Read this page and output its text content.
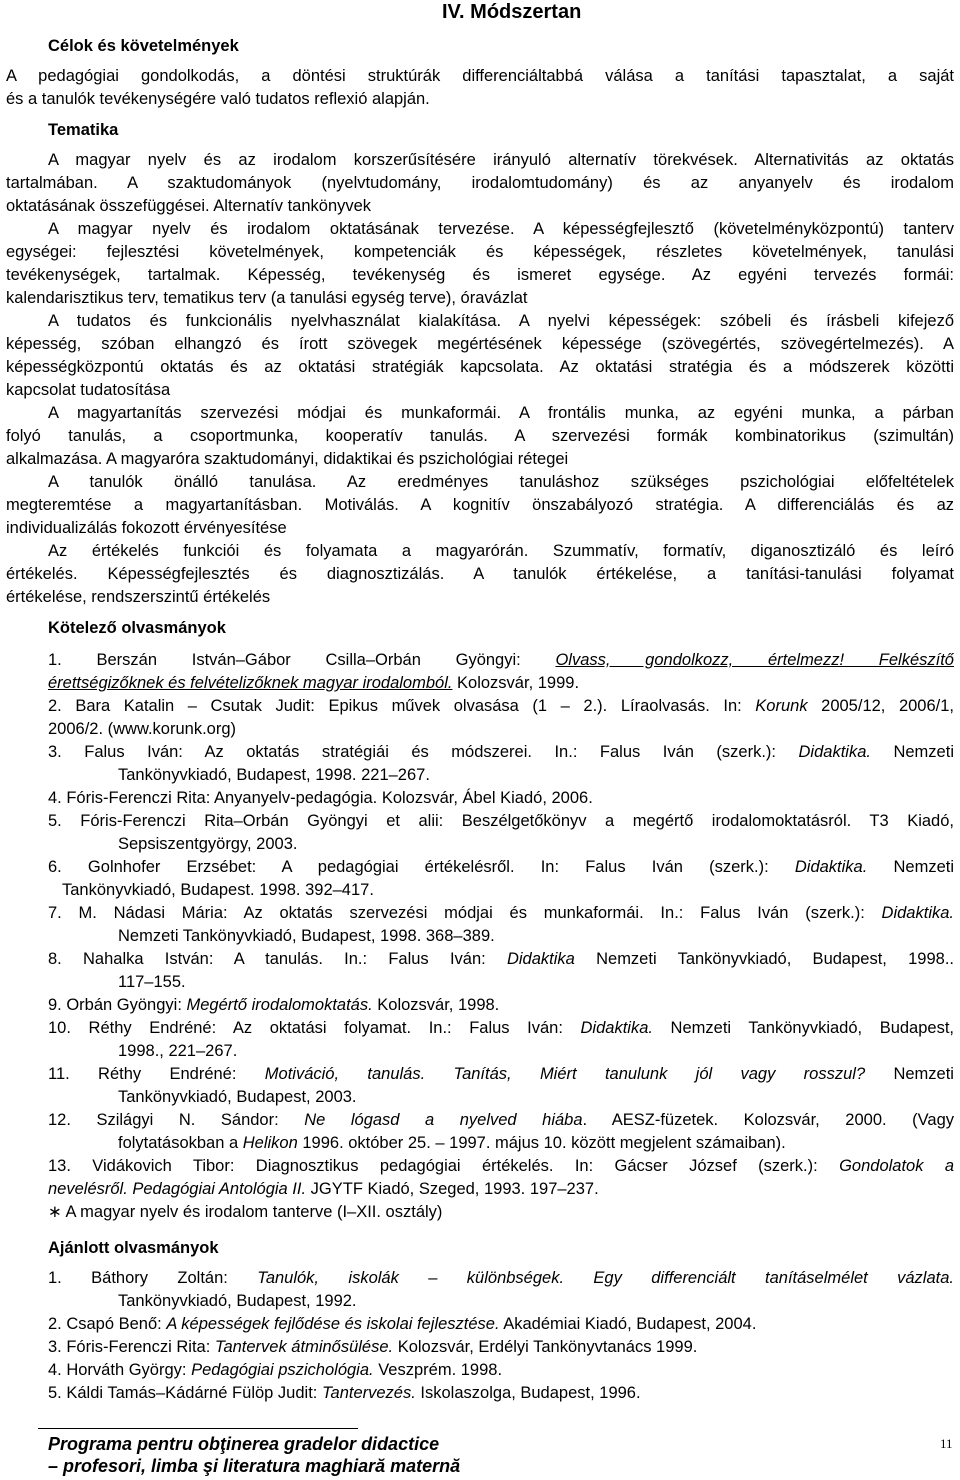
IV. Módszertan
Célok és követelmények
A pedagógiai gondolkodás, a döntési struktúrák differenciáltabbá válása a tanítási tapasztalat, a saját
és a tanulók tevékenységére való tudatos reflexió alapján.
Tematika
A magyar nyelv és az irodalom korszerűsítésére irányuló alternatív törekvések. Alternativitás az oktatás
tartalmában. A szaktudományok (nyelvtudomány, irodalomtudomány) és az anyanyelv és irodalom
oktatásának összefüggései. Alternatív tankönyvek
A magyar nyelv és irodalom oktatásának tervezése. A képességfejlesztő (követelményközpontú) tanterv
egységei: fejlesztési követelmények, kompetenciák és képességek, részletes követelmények, tanulási
tevékenységek, tartalmak. Képesség, tevékenység és ismeret egysége. Az egyéni tervezés formái:
kalendarisztikus terv, tematikus terv (a tanulási egység terve), óravázlat
A tudatos és funkcionális nyelvhasználat kialakítása. A nyelvi képességek: szóbeli és írásbeli kifejező
képesség, szóban elhangzó és írott szövegek megértésének képessége (szövegértés, szövegértelmezés). A
képességközpontú oktatás és az oktatási stratégiák kapcsolata. Az oktatási stratégia és a módszerek közötti
kapcsolat tudatosítása
A magyartanítás szervezési módjai és munkaformái. A frontális munka, az egyéni munka, a párban
folyó tanulás, a csoportmunka, kooperatív tanulás. A szervezési formák kombinatorikus (szimultán)
alkalmazása. A magyaróra szaktudományi, didaktikai és pszichológiai rétegei
A tanulók önálló tanulása. Az eredményes tanuláshoz szükséges pszichológiai előfeltételek
megteremtése a magyartanításban. Motiválás. A kognitív önszabályozó stratégia. A differenciálás és az
individualizálás fokozott érvényesítése
Az értékelés funkciói és folyamata a magyarórán. Szummatív, formatív, diganosztizáló és leíró
értékelés. Képességfejlesztés és diagnosztizálás. A tanulók értékelése, a tanítási-tanulási folyamat
értékelése, rendszerszintű értékelés
Kötelező olvasmányok
1. Berszán István–Gábor Csilla–Orbán Gyöngyi: Olvass, gondolkozz, értelmezz! Felkészítő
érettségizőknek és felvételizőknek magyar irodalomból. Kolozsvár, 1999.
2. Bara Katalin – Csutak Judit: Epikus művek olvasása (1 – 2.). Líraolvasás. In: Korunk 2005/12, 2006/1,
2006/2. (www.korunk.org)
3. Falus Iván: Az oktatás stratégiái és módszerei. In.: Falus Iván (szerk.): Didaktika. Nemzeti
Tankönyvkiadó, Budapest, 1998. 221–267.
4. Fóris-Ferenczi Rita: Anyanyelv-pedagógia. Kolozsvár, Ábel Kiadó, 2006.
5. Fóris-Ferenczi Rita–Orbán Gyöngyi et alii: Beszélgetőkönyv a megértő irodalomoktatásról. T3 Kiadó,
Sepsiszentgyörgy, 2003.
6. Golnhofer Erzsébet: A pedagógiai értékelésről. In: Falus Iván (szerk.): Didaktika. Nemzeti
Tankönyvkiadó, Budapest. 1998. 392–417.
7. M. Nádasi Mária: Az oktatás szervezési módjai és munkaformái. In.: Falus Iván (szerk.): Didaktika.
Nemzeti Tankönyvkiadó, Budapest, 1998. 368–389.
8. Nahalka István: A tanulás. In.: Falus Iván: Didaktika Nemzeti Tankönyvkiadó, Budapest, 1998..
117–155.
9. Orbán Gyöngyi: Megértő irodalomoktatás. Kolozsvár, 1998.
10. Réthy Endréné: Az oktatási folyamat. In.: Falus Iván: Didaktika. Nemzeti Tankönyvkiadó, Budapest,
1998., 221–267.
11. Réthy Endréné: Motiváció, tanulás. Tanítás, Miért tanulunk jól vagy rosszul? Nemzeti
Tankönyvkiadó, Budapest, 2003.
12. Szilágyi N. Sándor: Ne lógasd a nyelved hiába. AESZ-füzetek. Kolozsvár, 2000. (Vagy
folytatásokban a Helikon 1996. október 25. – 1997. május 10. között megjelent számaiban).
13. Vidákovich Tibor: Diagnosztikus pedagógiai értékelés. In: Gácser József (szerk.): Gondolatok a
nevelésről. Pedagógiai Antológia II. JGYTF Kiadó, Szeged, 1993. 197–237.
∗ A magyar nyelv és irodalom tanterve (I–XII. osztály)
Ajánlott olvasmányok
1. Báthory Zoltán: Tanulók, iskolák – különbségek. Egy differenciált tanításelmélet vázlata.
Tankönyvkiadó, Budapest, 1992.
2. Csapó Benő: A képességek fejlődése és iskolai fejlesztése. Akadémiai Kiadó, Budapest, 2004.
3. Fóris-Ferenczi Rita: Tantervek átminősülése. Kolozsvár, Erdélyi Tankönyvtanács 1999.
4. Horváth György: Pedagógiai pszichológia. Veszprém. 1998.
5. Káldi Tamás–Kádárné Fülöp Judit: Tantervezés. Iskolaszolga, Budapest, 1996.
Programa pentru obţinerea gradelor didactice
– profesori, limba şi literatura maghiară maternă
11
